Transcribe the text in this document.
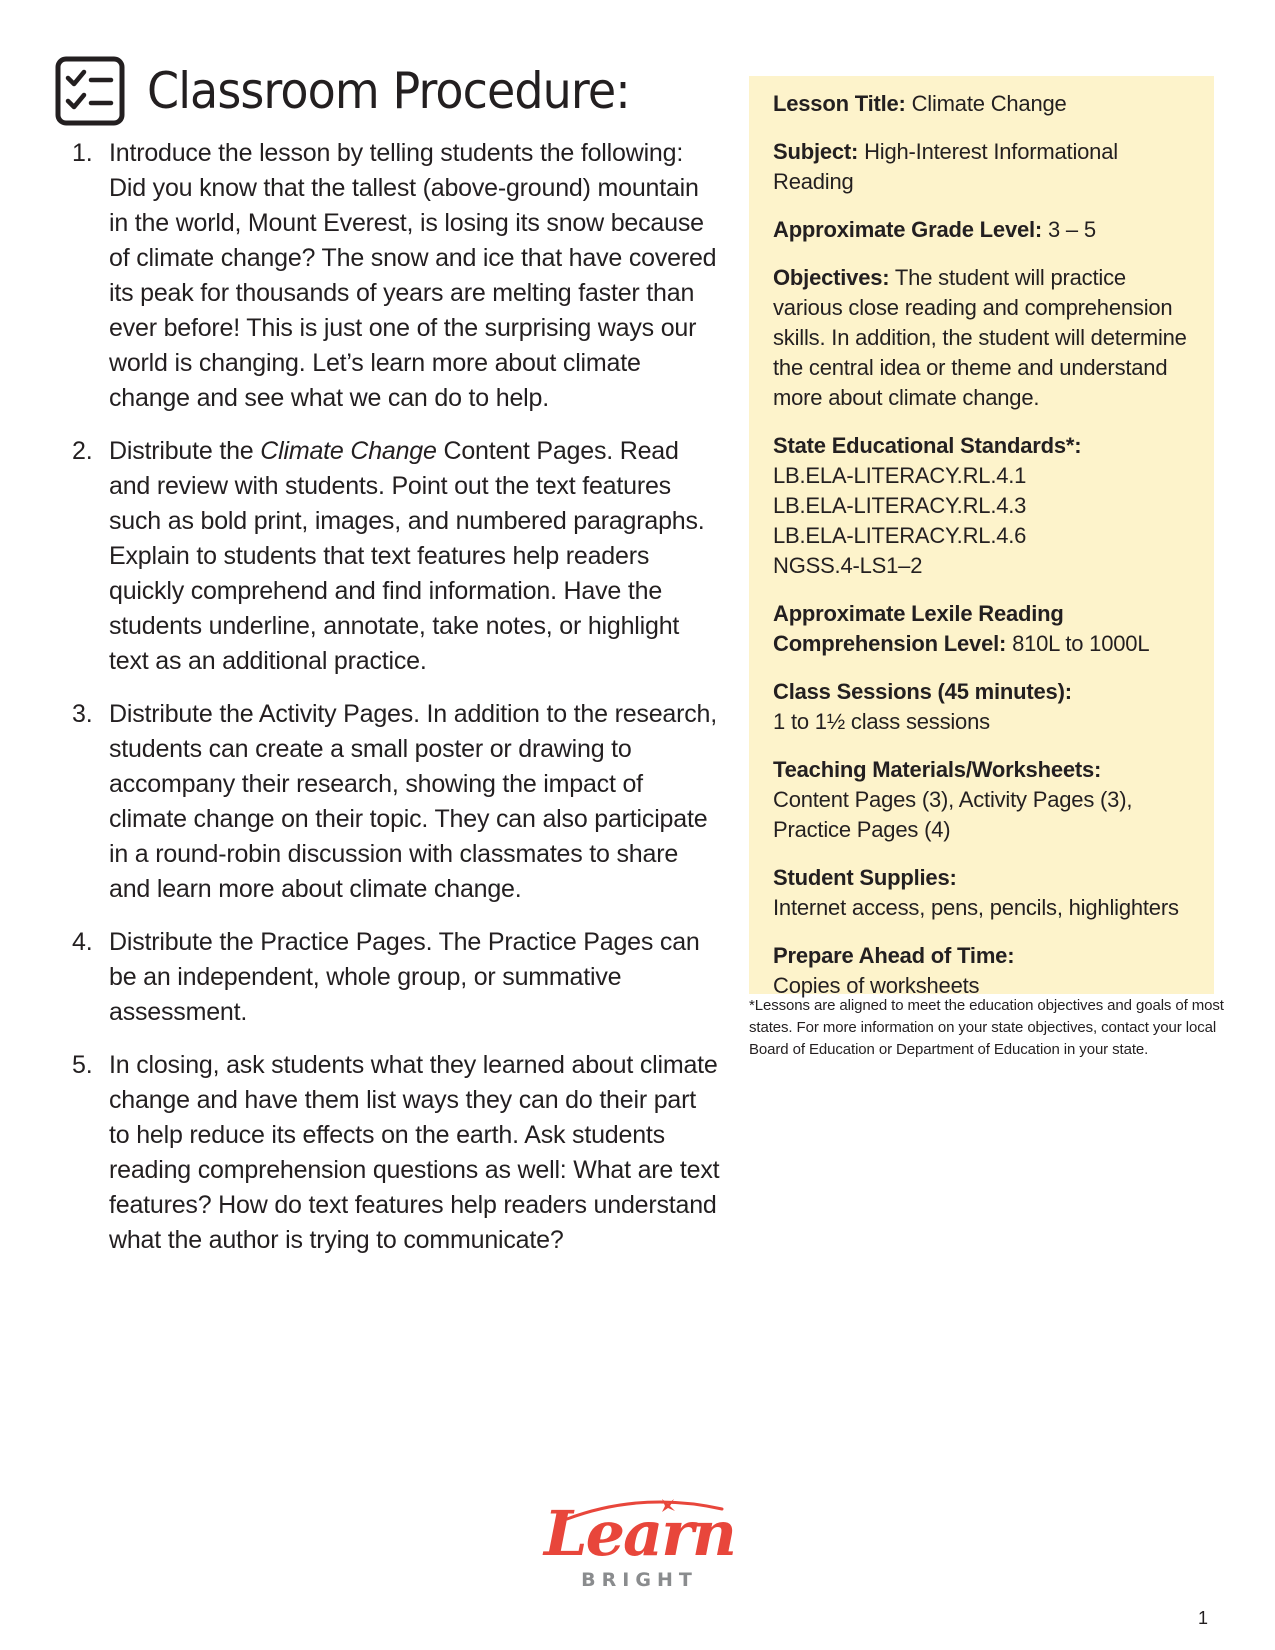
Classroom Procedure:
1. Introduce the lesson by telling students the following: Did you know that the tallest (above-ground) mountain in the world, Mount Everest, is losing its snow because of climate change? The snow and ice that have covered its peak for thousands of years are melting faster than ever before! This is just one of the surprising ways our world is changing. Let’s learn more about climate change and see what we can do to help.
2. Distribute the Climate Change Content Pages. Read and review with students. Point out the text features such as bold print, images, and numbered paragraphs. Explain to students that text features help readers quickly comprehend and find information. Have the students underline, annotate, take notes, or highlight text as an additional practice.
3. Distribute the Activity Pages. In addition to the research, students can create a small poster or drawing to accompany their research, showing the impact of climate change on their topic. They can also participate in a round-robin discussion with classmates to share and learn more about climate change.
4. Distribute the Practice Pages. The Practice Pages can be an independent, whole group, or summative assessment.
5. In closing, ask students what they learned about climate change and have them list ways they can do their part to help reduce its effects on the earth. Ask students reading comprehension questions as well: What are text features? How do text features help readers understand what the author is trying to communicate?
Lesson Title: Climate Change
Subject: High-Interest Informational Reading
Approximate Grade Level: 3 – 5
Objectives: The student will practice various close reading and comprehension skills. In addition, the student will determine the central idea or theme and understand more about climate change.
State Educational Standards*:
LB.ELA-LITERACY.RL.4.1
LB.ELA-LITERACY.RL.4.3
LB.ELA-LITERACY.RL.4.6
NGSS.4-LS1–2
Approximate Lexile Reading
Comprehension Level: 810L to 1000L
Class Sessions (45 minutes):
1 to 1½ class sessions
Teaching Materials/Worksheets:
Content Pages (3), Activity Pages (3), Practice Pages (4)
Student Supplies:
Internet access, pens, pencils, highlighters
Prepare Ahead of Time:
Copies of worksheets
*Lessons are aligned to meet the education objectives and goals of most states. For more information on your state objectives, contact your local Board of Education or Department of Education in your state.
Learn
BRIGHT
1
